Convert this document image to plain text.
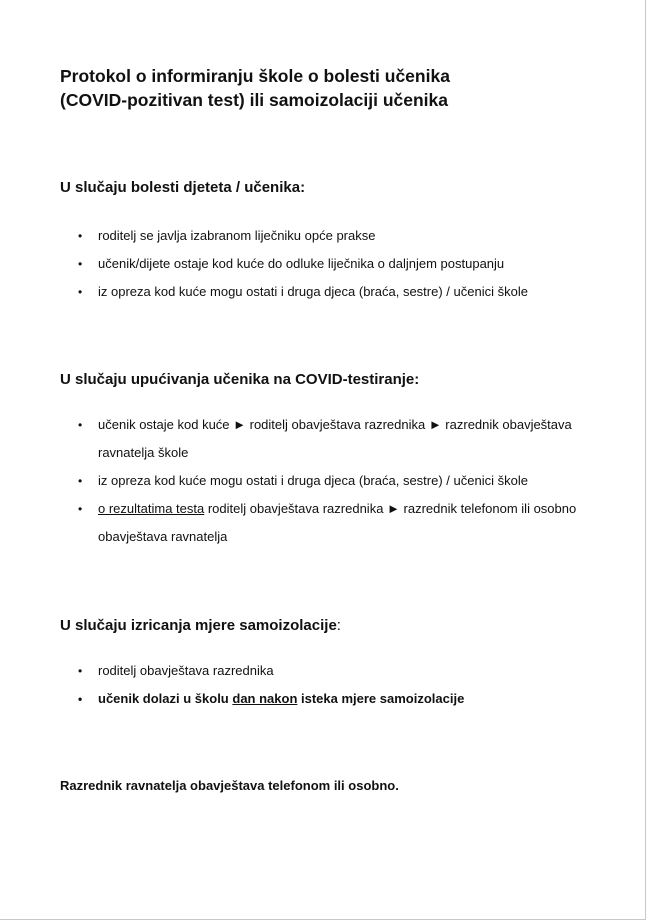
Protokol o informiranju škole o bolesti učenika
(COVID-pozitivan test) ili samoizolaciji učenika
U slučaju bolesti djeteta / učenika:
• roditelj se javlja izabranom liječniku opće prakse
• učenik/dijete ostaje kod kuće do odluke liječnika o daljnjem postupanju
• iz opreza kod kuće mogu ostati i druga djeca (braća, sestre) / učenici škole
U slučaju upućivanja učenika na COVID-testiranje:
• učenik ostaje kod kuće ► roditelj obavještava razrednika ► razrednik obavještava ravnatelja škole
• iz opreza kod kuće mogu ostati i druga djeca (braća, sestre) / učenici škole
• o rezultatima testa roditelj obavještava razrednika ► razrednik telefonom ili osobno obavještava ravnatelja
U slučaju izricanja mjere samoizolacije:
• roditelj obavještava razrednika
• učenik dolazi u školu dan nakon isteka mjere samoizolacije

Razrednik ravnatelja obavještava telefonom ili osobno.
